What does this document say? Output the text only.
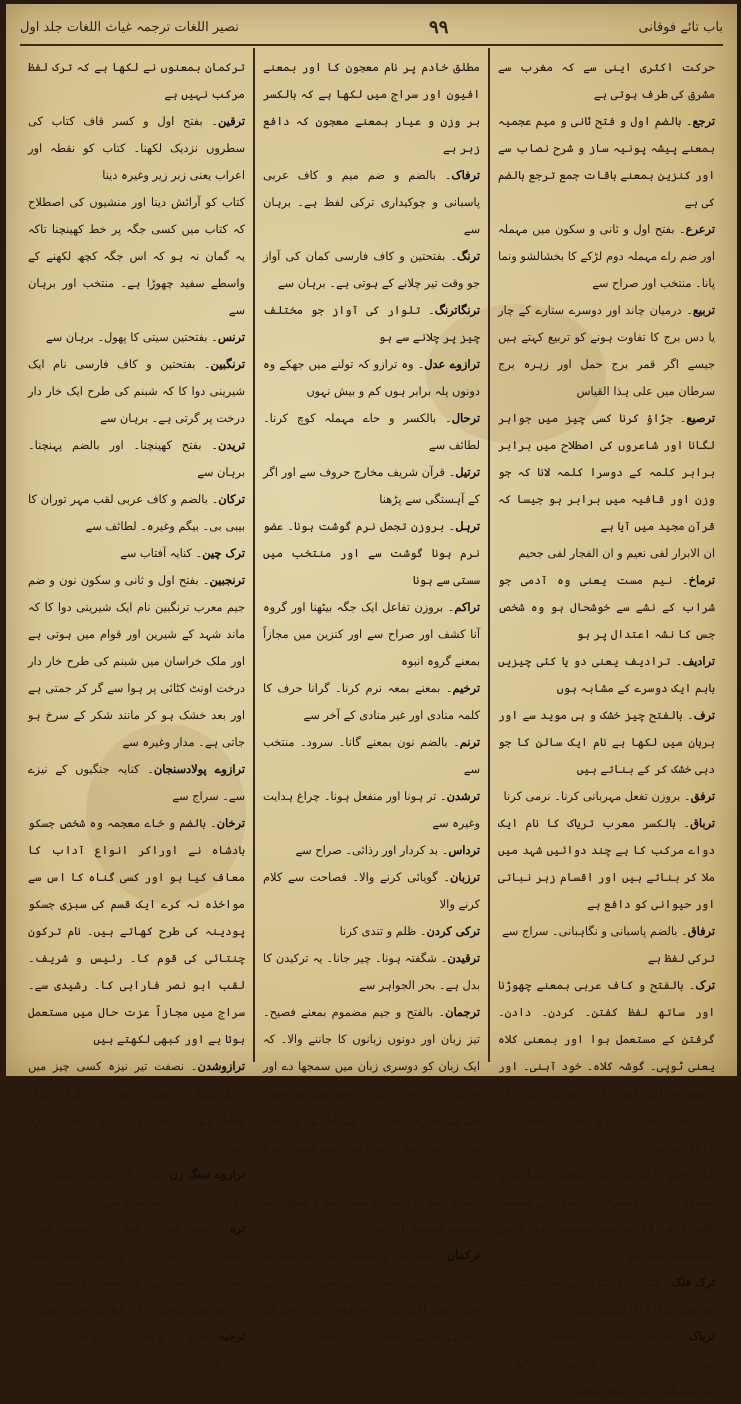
باب تائے فوقانی
۹۹
نصیر اللغات ترجمہ غیاث اللغات جلد اول

حرکت اکثری اینی سے کہ مغرب سے مشرق کی طرف ہوتی ہے

ترجع۔ بالضم اول و فتح ثانی و میم عجمیہ بمعنے پیشہ پونیہ ساز و شرح نصاب سے اور کنزین بمعنے باقات جمع ترجع بالضم کی ہے

ترعرع۔ بفتح اول و ثانی و سکون میں مہملہ اور ضم راے مہملہ دوم لڑکے کا بخشالشو ونما پانا۔ منتخب اور صراح سے

تربیع۔ درمیان چاند اور دوسرے ستارے کے چار یا دس برج کا تفاوت ہونے کو تربیع کہتے ہیں جیسے اگر قمر برج حمل اور زہرہ برج سرطان میں علی ہذا القیاس

ترصیع۔ جڑاؤ کرنا کسی چیز میں جواہر لگانا اور شاعروں کی اصطلاح میں برابر برابر کلمہ کے دوسرا کلمہ لانا کہ جو وزن اور قافیہ میں برابر ہو جیسا کہ قرآن مجید میں آیا ہے

ان الابرار لفی نعیم و ان الفجار لفی جحیم

ترماخ۔ نیم مست یعنی وہ آدمی جو شراب کے نشے سے خوشحال ہو وہ شخص جس کا نشہ اعتدال پر ہو

ترادیف۔ ترادیف یعنی دو یا کئی چیزیں باہم ایک دوسرے کے مشابہ ہوں

ترف۔ بالفتح چیز خشک و ہی موید سے اور برہان میں لکھا ہے نام ایک سالن کا جو دہی خشک کر کے بناتے ہیں

ترفق۔ بروزن تفعل مہربانی کرنا۔ نرمی کرنا

ترباق۔ بالکسر معرب تریاک کا نام ایک دواے مرکب کا ہے چند دوائیں شہد میں ملا کر بناتے ہیں اور اقسام زہر نباتی اور حیوانی کو دافع ہے

ترفاق۔ بالضم پاسبانی و نگاہبانی۔ سراج سے

ترکی لفظ ہے

ترک۔ بالفتح و کاف عربی بمعنے چھوڑنا اور ساتھ لفظ کفتن۔ کردن۔ دادن۔ گرفتن کے مستعمل ہوا اور بمعنی کلاہ یعنی ٹوپی۔ گوشہ کلاہ۔ خود آہنی۔ اور بالضم نام ایک قوم کا۔ منسوب بترک کہ ایک مرد حضرت نوح علیہ السلام کی اولاد سے ہے

اور جمع اتراک اور بمعنی سپاہی و معشوق۔ مدار وغیرہ فارسیوں نے بمعنی جگہ کاف فارسی سے بمعنے خود آہنی استعمال کیا ہے

ترک فلک۔ کنایہ آفتاب سے مریخ ستارے کو بھی ترک فلک کہتے ہیں

ترباک۔ نام ایک معجون کا۔ صاحب موید اور مدار اور برہان نے بفتح و کسر اول لکھا ہے اور جہانگیری میں بفتح بمعنے

مطلق خادم پر نام معجون کا اور بمعنے افیون اور سراج میں لکھا ہے کہ بالکسر بر وزن و عیار بمعنے معجون کہ دافع زہر ہے

ترفاک۔ بالضم و ضم میم و کاف عربی پاسبانی و چوکیداری ترکی لفظ ہے۔ برہان سے

ترنگ۔ بفتحتین و کاف فارسی کمان کی آواز جو وقت تیر چلانے کے ہوتی ہے۔ برہان سے

ترنگاترنگ۔ تلوار کی آواز جو مختلف چیز پر چلانے سے ہو

ترازوے عدل۔ وہ ترازو کہ تولنے میں جھکے وہ دونوں پلہ برابر ہوں کم و بیش نہوں

ترحال۔ بالکسر و حاے مہملہ کوچ کرنا۔ لطائف سے

ترتیل۔ قرآن شریف مخارج حروف سے اور اگر کے آہستگی سے پڑھنا

ترہل۔ بروزن تجمل نرم گوشت ہونا۔ عضو نرم ہونا گوشت سے اور منتخب میں سستی سے ہونا

تراکم۔ بروزن تفاعل ایک جگہ بیٹھنا اور گروہ آنا کشف اور صراح سے اور کنزین میں مجازاً بمعنے گروہ انبوہ

ترخیم۔ بمعنے بمعہ نرم کرنا۔ گرانا حرف کا کلمہ منادی اور غیر منادی کے آخر سے

ترنم۔ بالضم نون بمعنے گانا۔ سرود۔ منتخب سے

ترشدن۔ تر ہونا اور منفعل ہونا۔ چراغ ہدایت وغیرہ سے

ترداس۔ بد کردار اور رذائی۔ صراح سے

ترزبان۔ گویائی کرنے والا۔ فصاحت سے کلام کرنے والا

ترکی کردن۔ ظلم و تندی کرنا

ترقیدن۔ شگفتہ ہونا۔ چیر جانا۔ یہ ترکیدن کا بدل ہے۔ بحر الجواہر سے

ترجمان۔ بالفتح و جیم مضموم بمعنے فصیح۔ تیز زبان اور دونوں زبانوں کا جاننے والا۔ کہ ایک زبان کو دوسری زبان میں سمجھا دے اور یہ ترزبان کا معرب ہے اور ضم جیم اس سبب سے ہے کہ زبان بضم اول بھی آیا ہوا اور بعض میں آیا ہے۔ بہار عجم وغیرہ سے موید وغیرہ میں

بفتح جیم اور صراح میں بضم و فتح جیم بمعنے تبدیل آیا ہے

ترکمان۔ بضم اول و سکون ثانی ایک قوم کا ترکوں میں سے۔ لغات ترکی سے۔ برہان اور سراج میں لکھا ہے کہ یہ قوم ترکوں سے کم رتبہ ہو اسلیے ترکمان نام ہوا لفظ

ترکمان بمعنوں نے لکھا ہے کہ ترک لفظ مرکب نہیں ہے

ترقین۔ بفتح اول و کسر قاف کتاب کی سطروں نزدیک لکھنا۔ کتاب کو نقطہ اور اعراب یعنی زبر زیر وغیرہ دینا

کتاب کو آرائش دینا اور منشیوں کی اصطلاح کہ کتاب میں کسی جگہ پر خط کھینچنا تاکہ یہ گمان نہ ہو کہ اس جگہ کچھ لکھنے کے واسطے سفید چھوڑا ہے۔ منتخب اور برہان سے

ترنس۔ بفتحتین سیتی کا پھول۔ برہان سے

ترنگبین۔ بفتحتین و کاف فارسی نام ایک شیرینی دوا کا کہ شبنم کی طرح ایک خار دار درخت پر گرتی ہے۔ برہان سے

تریدن۔ بفتح کھینچنا۔ اور بالضم پہنچنا۔ برہان سے

ترکان۔ بالضم و کاف عربی لقب مہر توران کا بیبی بی۔ بیگم وغیرہ۔ لطائف سے

ترک چین۔ کنایہ آفتاب سے

ترنجبین۔ بفتح اول و ثانی و سکون نون و ضم جیم معرب ترنگبین نام ایک شیرینی دوا کا کہ ماند شہد کے شیرین اور قوام میں ہوتی ہے اور ملک خراسان میں شبنم کی طرح خار دار درخت اونٹ کٹائی پر ہوا سے گر کر جمتی ہے اور بعد خشک ہو کر مانند شکر کے سرخ ہو جاتی ہے۔ مدار وغیرہ سے

ترازوے پولادسنجان۔ کنایہ جنگیوں کے نیزے سے۔ سراج سے

ترخان۔ بالضم و خاے معجمہ وہ شخص جسکو بادشاہ نے اوراکر انواع آداب کا معاف کیا ہو اور کسی گناہ کا اس سے مواخذہ نہ کرے ایک قسم کی سبزی جسکو پودینہ کی طرح کھاتے ہیں۔ نام ترکون چنتائی کی قوم کا۔ رئیس و شریف۔ لقب ابو نصر فارابی کا۔ رشیدی سے۔ سراج میں مجازاً عزت حال میں مستعمل ہوتا ہے اور کبھی لکھتے ہیں

ترازوشدن۔ نصفت تیر نیزہ کسی چیز میں داخل ہونا اور نصف کا مدار کی طرف رہنا۔ مقابل ہونا۔ برابر ہونا چراغ ہدایت وغیرہ سے

ترازوے سنگ زن۔ ترازو کہ ایک پلہ اسکا زیادہ ہو اور ایک کم۔ بہار عجم سے

تره۔ بکسر اول و فتح ثانی بمعنے کینہ۔ عداوت۔ اور بفتح اول و کسر ثانی بمعنے باطل۔ اور بفتحتین و تخفیف و تشدید را فارسی میں بمعنے ساگ۔ لطائف وغیرہ سے

ترجیہ۔ بفتح اول و سکون ثانی و فتح جیم ایک زبان کا
